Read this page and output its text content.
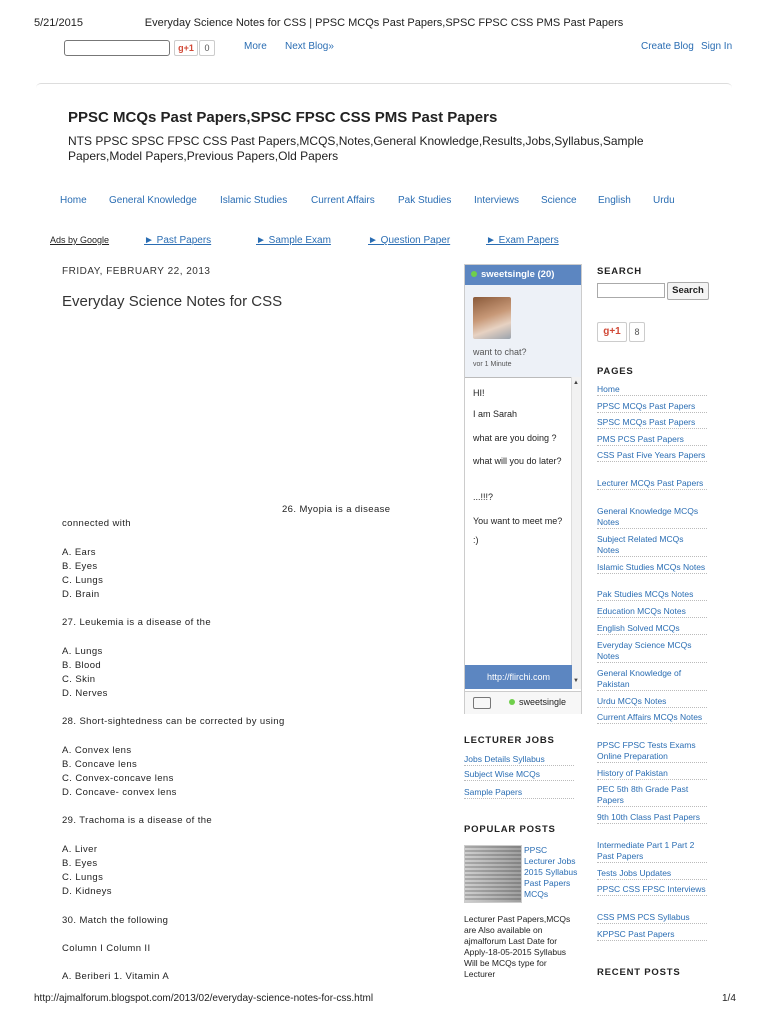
5/21/2015	Everyday Science Notes for CSS | PPSC MCQs Past Papers,SPSC FPSC CSS PMS Past Papers
g+1	0	More Next Blog»	Create Blog Sign In
PPSC MCQs Past Papers,SPSC FPSC CSS PMS Past Papers
NTS PPSC SPSC FPSC CSS Past Papers,MCQS,Notes,General Knowledge,Results,Jobs,Syllabus,Sample Papers,Model Papers,Previous Papers,Old Papers
Home General Knowledge Islamic Studies Current Affairs Pak Studies Interviews Science English Urdu
Ads by Google	► Past Papers	► Sample Exam	► Question Paper	► Exam Papers
FRIDAY, FEBRUARY 22, 2013
Everyday Science Notes for CSS
26. Myopia is a disease
connected with
A. Ears
B. Eyes
C. Lungs
D. Brain
27. Leukemia is a disease of the
A. Lungs
B. Blood
C. Skin
D. Nerves
28. Short-sightedness can be corrected by using
A. Convex lens
B. Concave lens
C. Convex-concave lens
D. Concave- convex lens
29. Trachoma is a disease of the
A. Liver
B. Eyes
C. Lungs
D. Kidneys
30. Match the following
Column I Column II
A. Beriberi 1. Vitamin A
sweetsingle (20)
want to chat?
vor 1 Minute
HI!
I am Sarah
what are you doing ?
what will you do later?
...!!!?
You want to meet me?
:)
▲
▼
http://flirchi.com
sweetsingle
LECTURER JOBS
Jobs Details Syllabus
Subject Wise MCQs
Sample Papers
POPULAR POSTS
PPSC Lecturer Jobs 2015 Syllabus Past Papers MCQs
Lecturer Past Papers,MCQs are Also available on ajmalforum Last Date for Apply-18-05-2015 Syllabus Will be MCQs type for Lecturer
SEARCH
Search
g+1	8
PAGES
Home
PPSC MCQs Past Papers
SPSC MCQs Past Papers
PMS PCS Past Papers
CSS Past Five Years Papers
Lecturer MCQs Past Papers
General Knowledge MCQs Notes
Subject Related MCQs Notes
Islamic Studies MCQs Notes
Pak Studies MCQs Notes
Education MCQs Notes
English Solved MCQs
Everyday Science MCQs Notes
General Knowledge of Pakistan
Urdu MCQs Notes
Current Affairs MCQs Notes
PPSC FPSC Tests Exams Online Preparation
History of Pakistan
PEC 5th 8th Grade Past Papers
9th 10th Class Past Papers
Intermediate Part 1 Part 2 Past Papers
Tests Jobs Updates
PPSC CSS FPSC Interviews
CSS PMS PCS Syllabus
KPPSC Past Papers
RECENT POSTS
http://ajmalforum.blogspot.com/2013/02/everyday-science-notes-for-css.html	1/4
